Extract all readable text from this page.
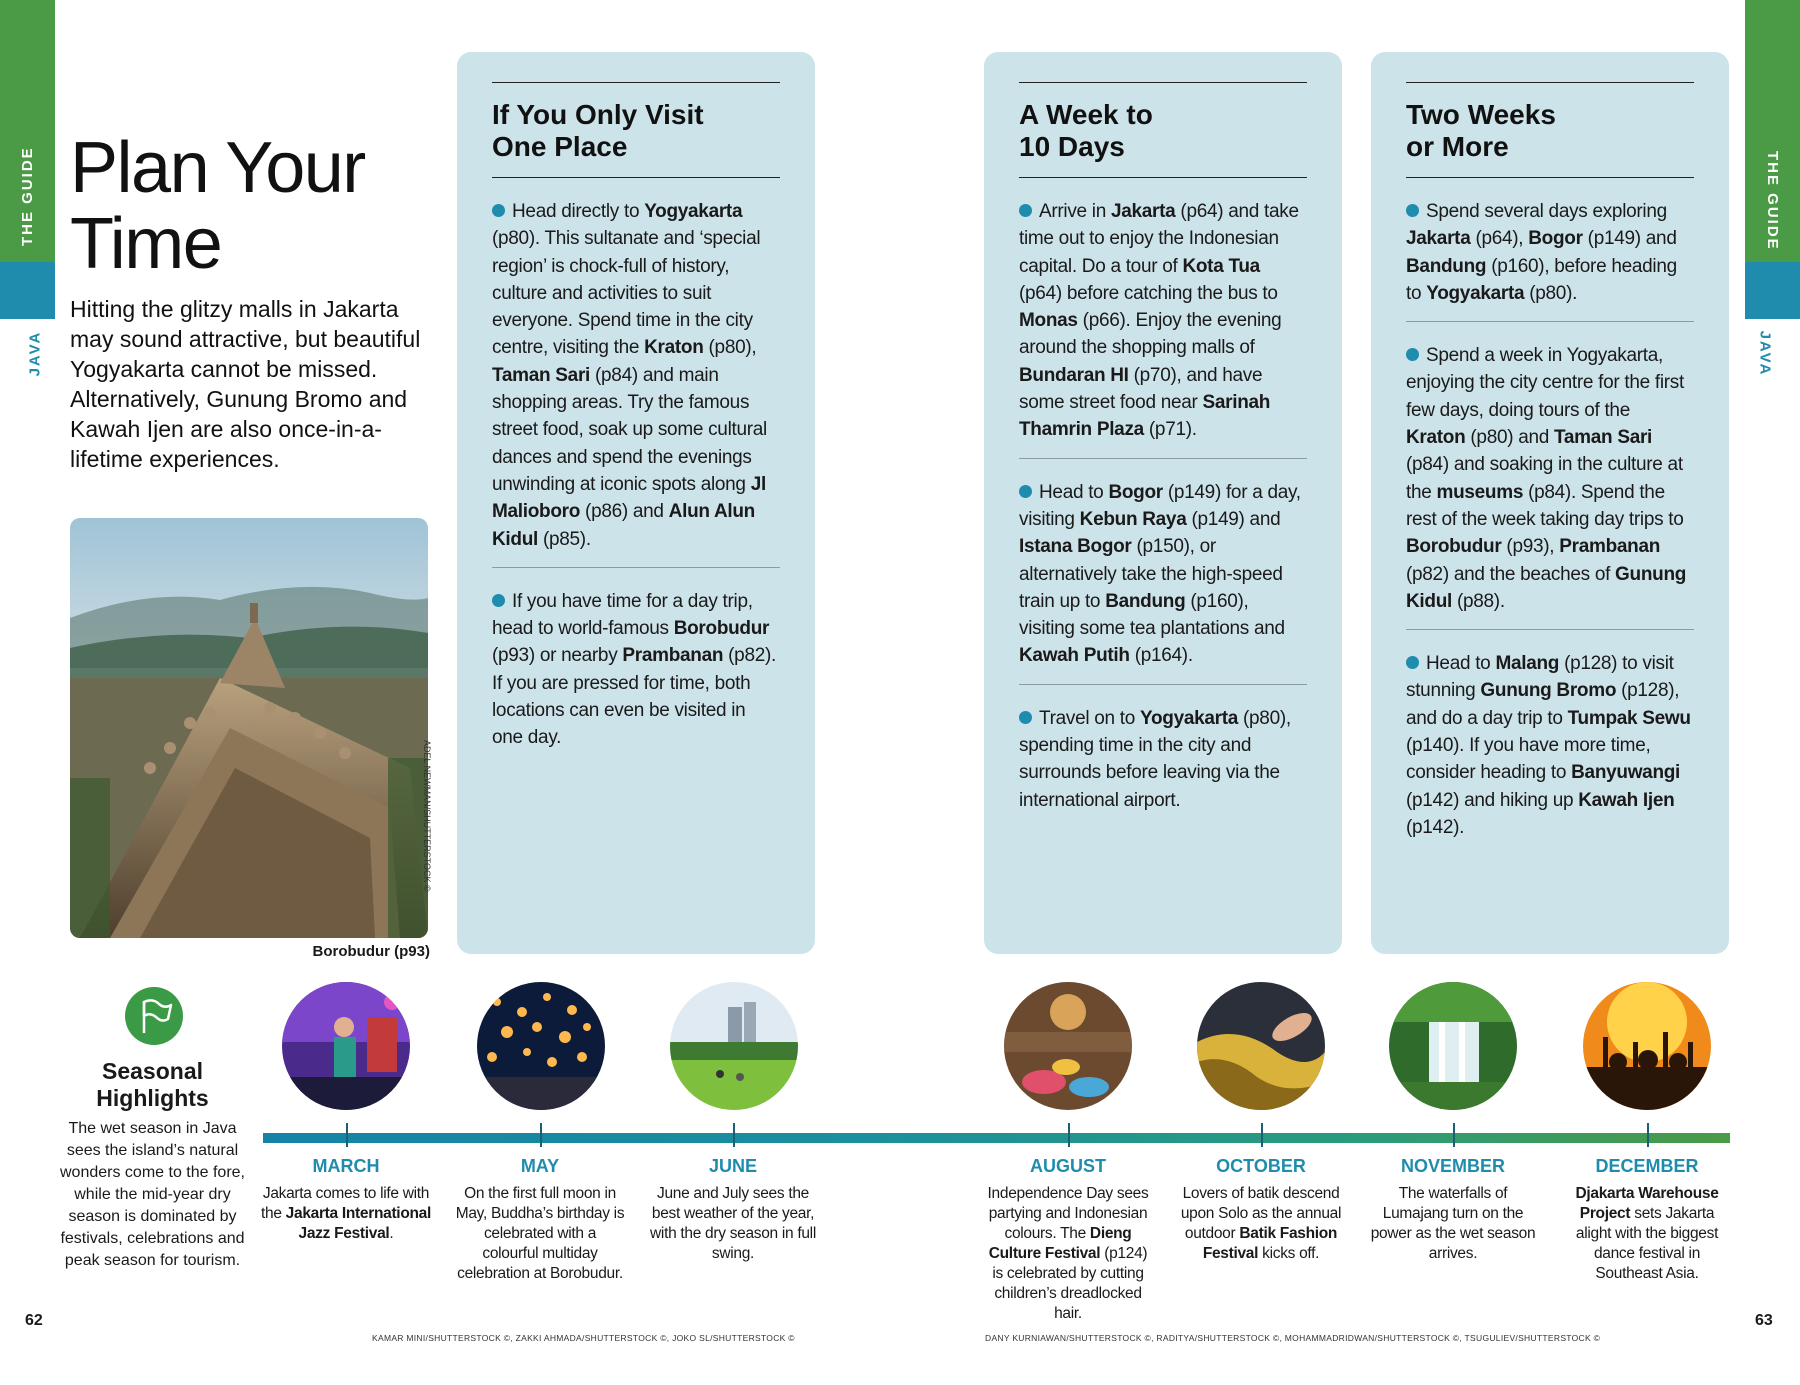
THE GUIDE
JAVA
THE GUIDE
JAVA
Plan Your
Time

Hitting the glitzy malls in Jakarta may sound attractive, but beautiful Yogyakarta cannot be missed. Alternatively, Gunung Bromo and Kawah Ijen are also once-in-a-lifetime experiences.

ADEL NEWMAN/SHUTTERSTOCK ©
Borobudur (p93)
If You Only Visit
One Place
Head directly to Yogyakarta (p80). This sultanate and ‘special region’ is chock-full of history, culture and activities to suit everyone. Spend time in the city centre, visiting the Kraton (p80), Taman Sari (p84) and main shopping areas. Try the famous street food, soak up some cultural dances and spend the evenings unwinding at iconic spots along Jl Malioboro (p86) and Alun Alun Kidul (p85).
If you have time for a day trip, head to world-famous Borobudur (p93) or nearby Prambanan (p82). If you are pressed for time, both locations can even be visited in one day.
A Week to
10 Days
Arrive in Jakarta (p64) and take time out to enjoy the Indonesian capital. Do a tour of Kota Tua (p64) before catching the bus to Monas (p66). Enjoy the evening around the shopping malls of Bundaran HI (p70), and have some street food near Sarinah Thamrin Plaza (p71).
Head to Bogor (p149) for a day, visiting Kebun Raya (p149) and Istana Bogor (p150), or alternatively take the high-speed train up to Bandung (p160), visiting some tea plantations and Kawah Putih (p164).
Travel on to Yogyakarta (p80), spending time in the city and surrounds before leaving via the international airport.
Two Weeks
or More
Spend several days exploring Jakarta (p64), Bogor (p149) and Bandung (p160), before heading to Yogyakarta (p80).
Spend a week in Yogyakarta, enjoying the city centre for the first few days, doing tours of the Kraton (p80) and Taman Sari (p84) and soaking in the culture at the museums (p84). Spend the rest of the week taking day trips to Borobudur (p93), Prambanan (p82) and the beaches of Gunung Kidul (p88).
Head to Malang (p128) to visit stunning Gunung Bromo (p128), and do a day trip to Tumpak Sewu (p140). If you have more time, consider heading to Banyuwangi (p142) and hiking up Kawah Ijen (p142).
Seasonal
Highlights
The wet season in Java sees the island’s natural wonders come to the fore, while the mid-year dry season is dominated by festivals, celebrations and peak season for tourism.
MARCH
Jakarta comes to life with the Jakarta International Jazz Festival.
MAY
On the first full moon in May, Buddha’s birthday is celebrated with a colourful multiday celebration at Borobudur.
JUNE
June and July sees the best weather of the year, with the dry season in full swing.
AUGUST
Independence Day sees partying and Indonesian colours. The Dieng Culture Festival (p124) is celebrated by cutting children’s dreadlocked hair.
OCTOBER
Lovers of batik descend upon Solo as the annual outdoor Batik Fashion Festival kicks off.
NOVEMBER
The waterfalls of Lumajang turn on the power as the wet season arrives.
DECEMBER
Djakarta Warehouse Project sets Jakarta alight with the biggest dance festival in Southeast Asia.
62	63
KAMAR MINI/SHUTTERSTOCK ©, ZAKKI AHMADA/SHUTTERSTOCK ©, JOKO SL/SHUTTERSTOCK ©	DANY KURNIAWAN/SHUTTERSTOCK ©, RADITYA/SHUTTERSTOCK ©, MOHAMMADRIDWAN/SHUTTERSTOCK ©, TSUGULIEV/SHUTTERSTOCK ©
